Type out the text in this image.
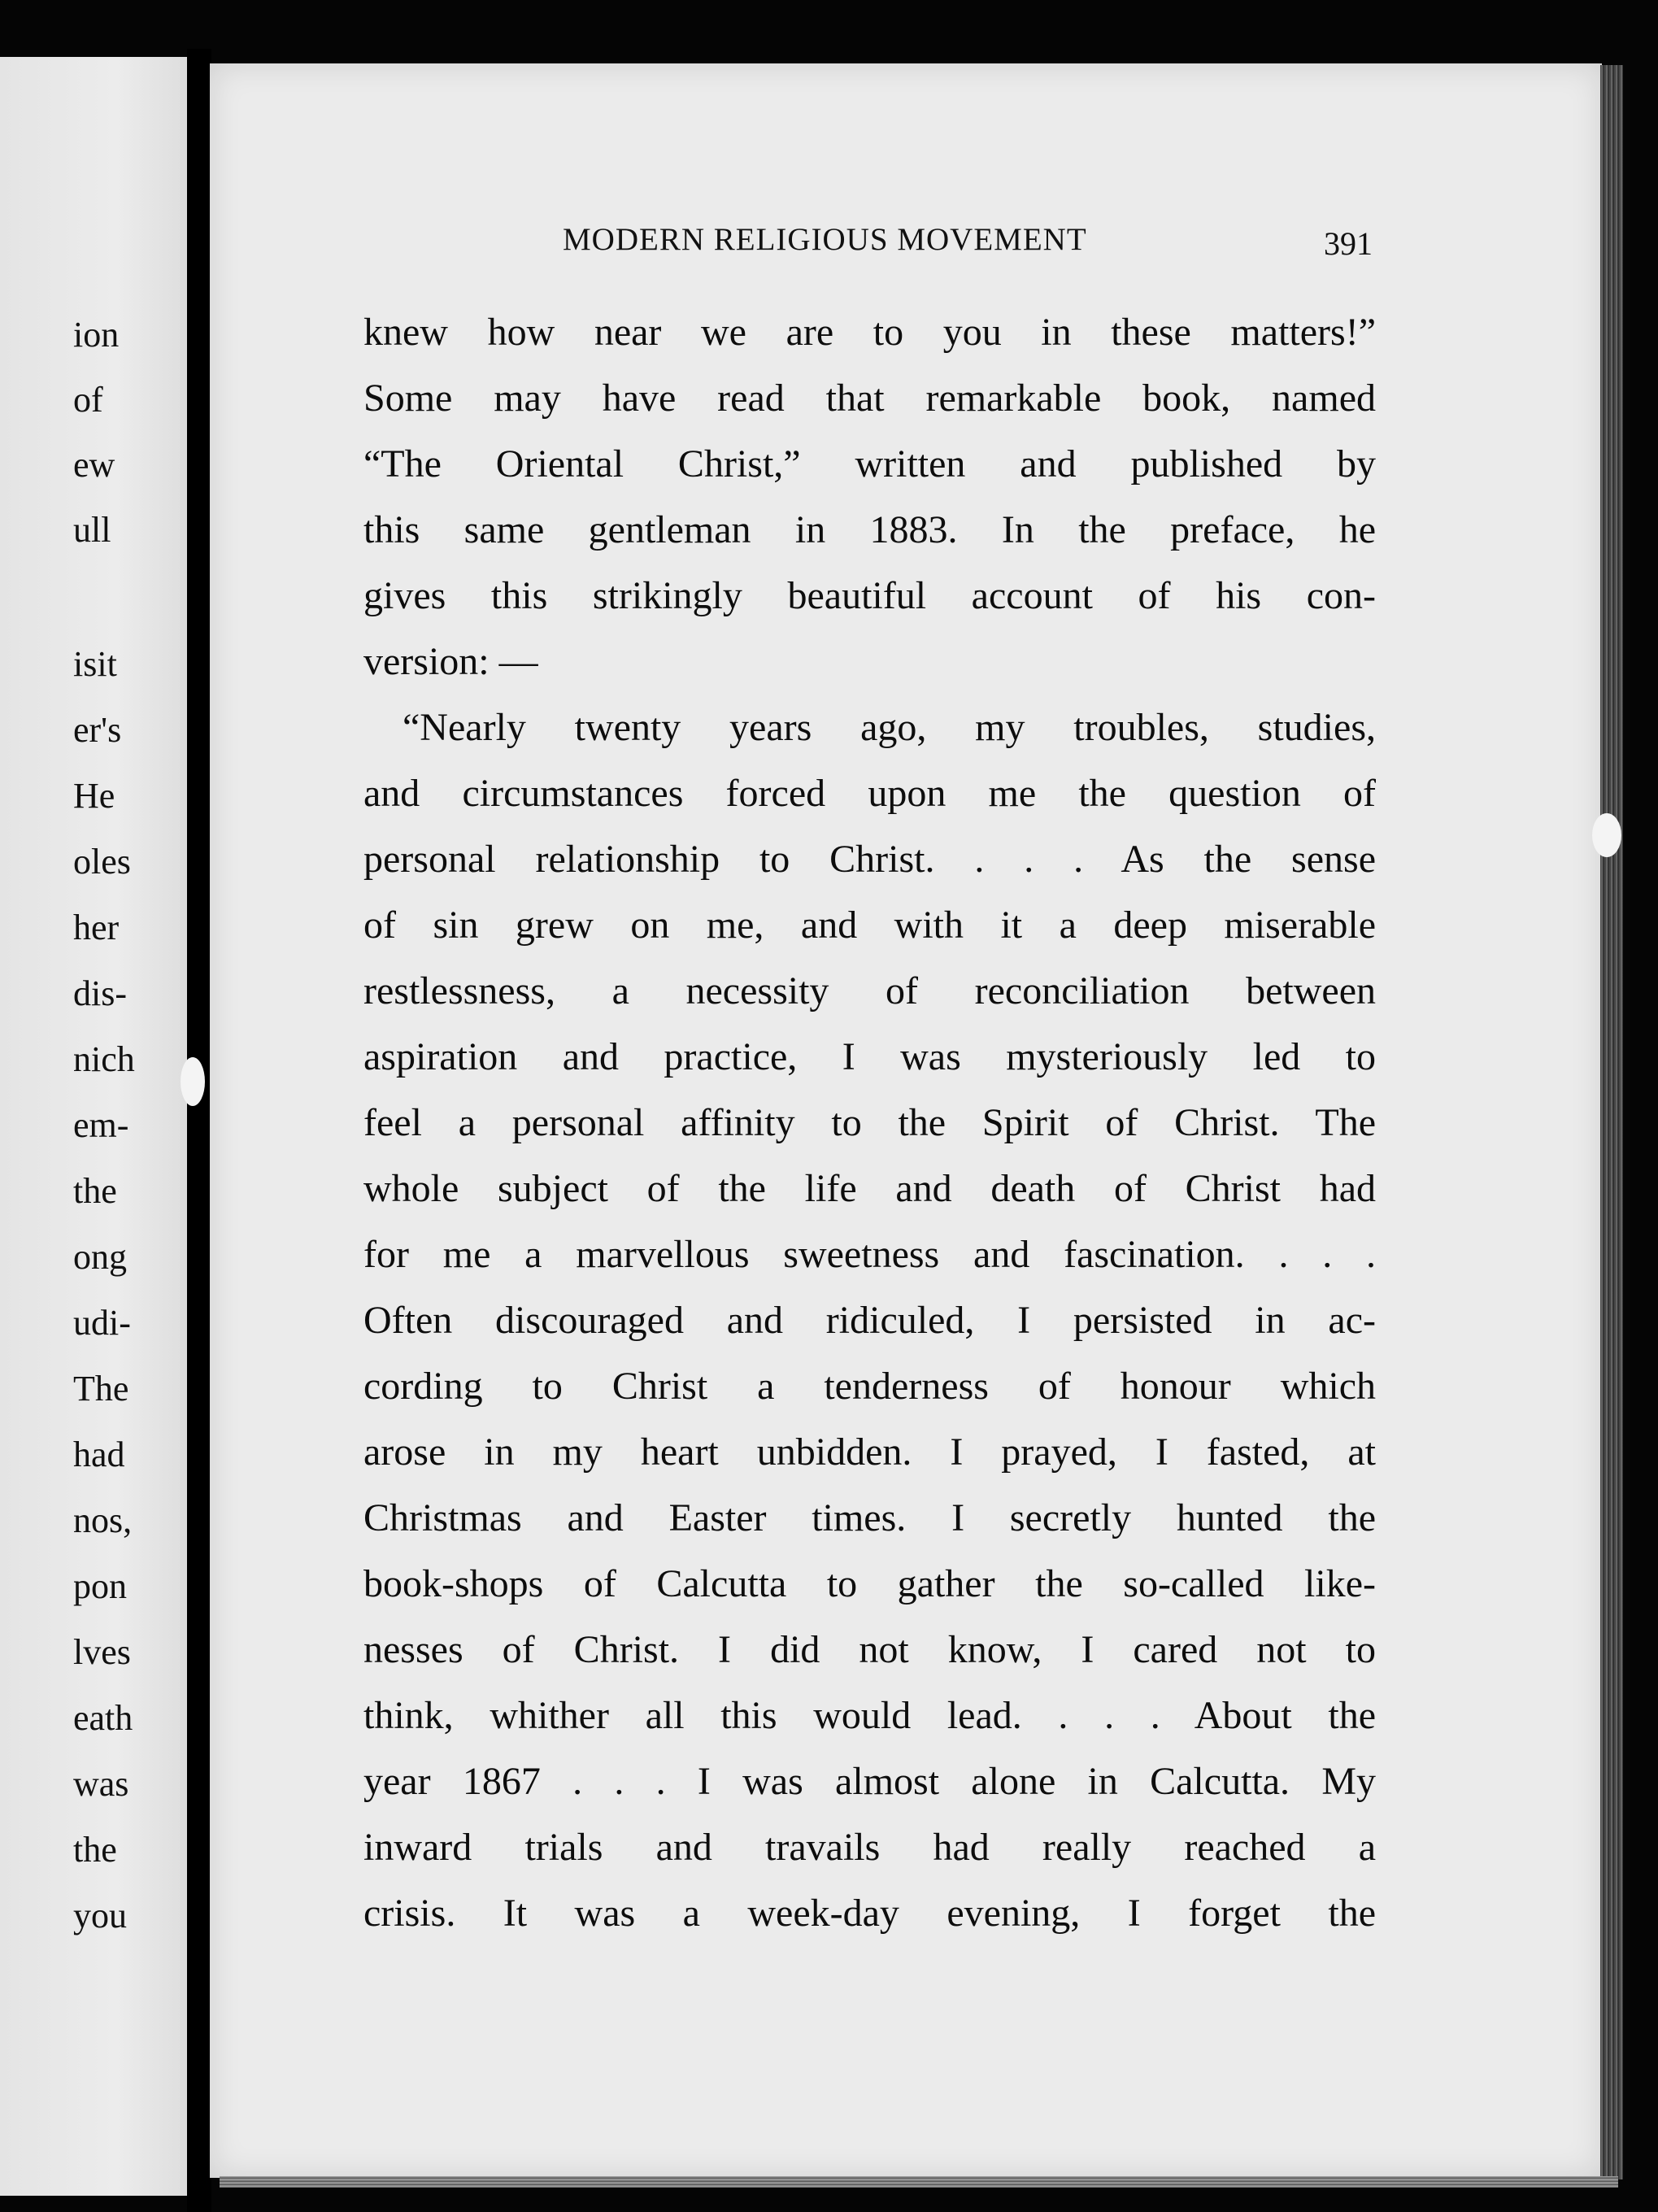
ion
of
ew
ull
isit
er's
He
oles
her
dis-
nich
em-
the
ong
udi-
The
had
nos,
pon
lves
eath
was
the
you
MODERN RELIGIOUS MOVEMENT	391
knew how near we are to you in these matters!”
Some may have read that remarkable book, named
“The Oriental Christ,” written and published by
this same gentleman in 1883. In the preface, he
gives this strikingly beautiful account of his con-
version: —
“Nearly twenty years ago, my troubles, studies,
and circumstances forced upon me the question of
personal relationship to Christ. . . . As the sense
of sin grew on me, and with it a deep miserable
restlessness, a necessity of reconciliation between
aspiration and practice, I was mysteriously led to
feel a personal affinity to the Spirit of Christ. The
whole subject of the life and death of Christ had
for me a marvellous sweetness and fascination. . . .
Often discouraged and ridiculed, I persisted in ac-
cording to Christ a tenderness of honour which
arose in my heart unbidden. I prayed, I fasted, at
Christmas and Easter times. I secretly hunted the
book-shops of Calcutta to gather the so-called like-
nesses of Christ. I did not know, I cared not to
think, whither all this would lead. . . . About the
year 1867 . . . I was almost alone in Calcutta. My
inward trials and travails had really reached a
crisis. It was a week-day evening, I forget the
